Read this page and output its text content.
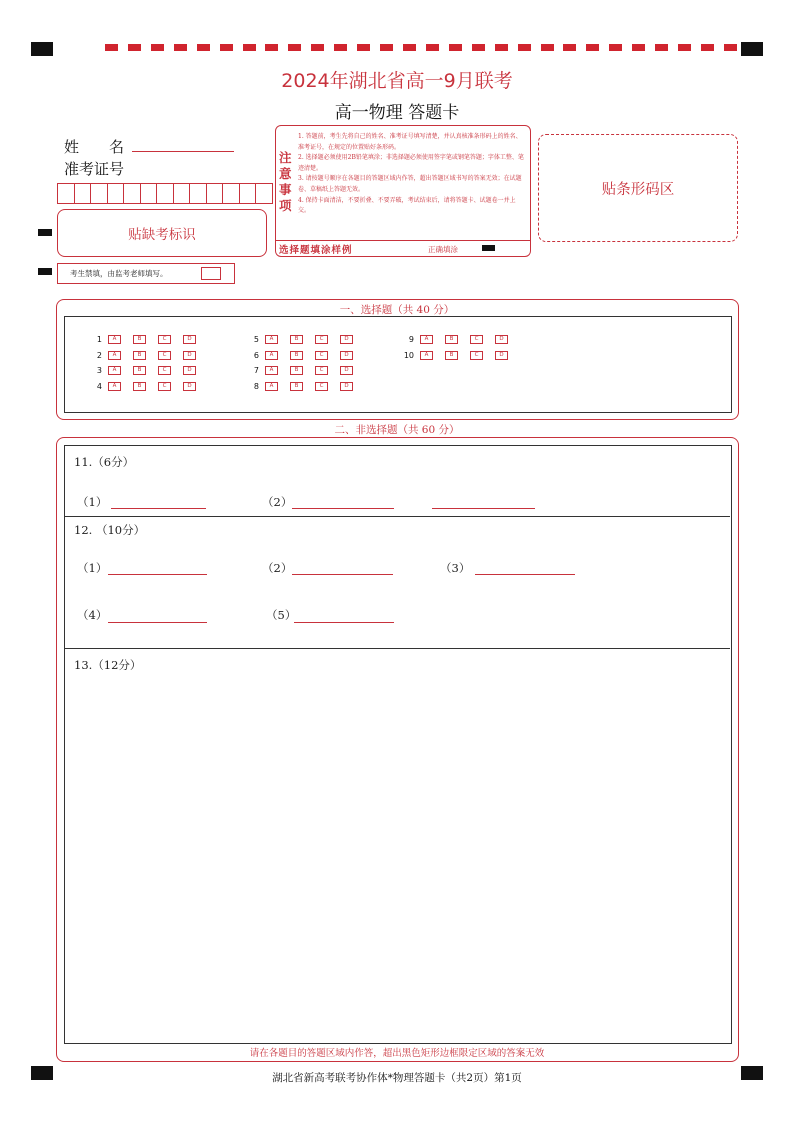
2024年湖北省高一9月联考
高一物理 答题卡
姓　　名
准考证号
贴缺考标识
考生禁填，由监考老师填写。
注
意
事
项
1. 答题前，考生先将自己的姓名、准考证号填写清楚，并认真核准条形码上的姓名、准考证号，在规定的位置贴好条形码。
2. 选择题必须使用2B铅笔填涂；非选择题必须使用签字笔或钢笔答题；字体工整、笔迹清楚。
3. 请按题号顺序在各题目的答题区域内作答，超出答题区域书写的答案无效；在试题卷、草稿纸上答题无效。
4. 保持卡面清洁，不要折叠、不要弄破，考试结束后，请将答题卡、试题卷一并上交。
选择题填涂样例	正确填涂
贴条形码区
一、选择题（共 40 分）
1	A	B	C	D
2	A	B	C	D
3	A	B	C	D
4	A	B	C	D
5	A	B	C	D
6	A	B	C	D
7	A	B	C	D
8	A	B	C	D
9	A	B	C	D
10	A	B	C	D
二、非选择题（共 60 分）
11.（6分）
（1）	（2）
12. （10分）
（1）	（2）	（3）
（4）	（5）
13.（12分）
请在各题目的答题区域内作答，超出黑色矩形边框限定区域的答案无效
湖北省新高考联考协作体*物理答题卡（共2页）第1页
